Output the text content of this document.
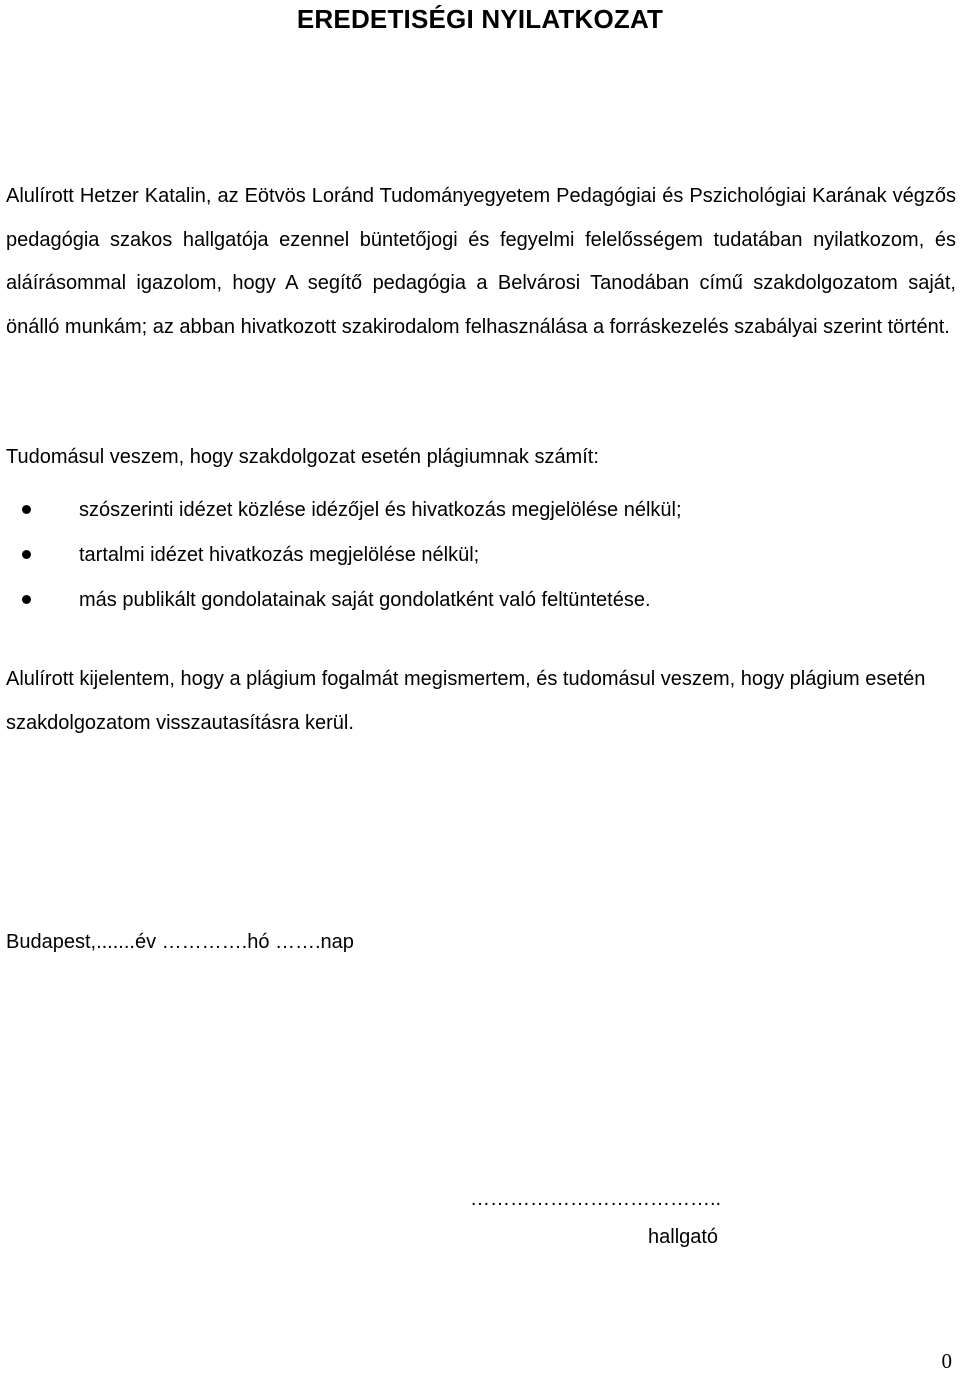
EREDETISÉGI NYILATKOZAT
Alulírott Hetzer Katalin, az Eötvös Loránd Tudományegyetem Pedagógiai és Pszichológiai Karának végzős pedagógia szakos hallgatója ezennel büntetőjogi és fegyelmi felelősségem tudatában nyilatkozom, és aláírásommal igazolom, hogy A segítő pedagógia a Belvárosi Tanodában című szakdolgozatom saját, önálló munkám; az abban hivatkozott szakirodalom felhasználása a forráskezelés szabályai szerint történt.
Tudomásul veszem, hogy szakdolgozat esetén plágiumnak számít:
szószerinti idézet közlése idézőjel és hivatkozás megjelölése nélkül;
tartalmi idézet hivatkozás megjelölése nélkül;
más publikált gondolatainak saját gondolatként való feltüntetése.
Alulírott kijelentem, hogy a plágium fogalmát megismertem, és tudomásul veszem, hogy plágium esetén szakdolgozatom visszautasításra kerül.
Budapest,.......év ………….hó …….nap
………………………………..
hallgató
0
